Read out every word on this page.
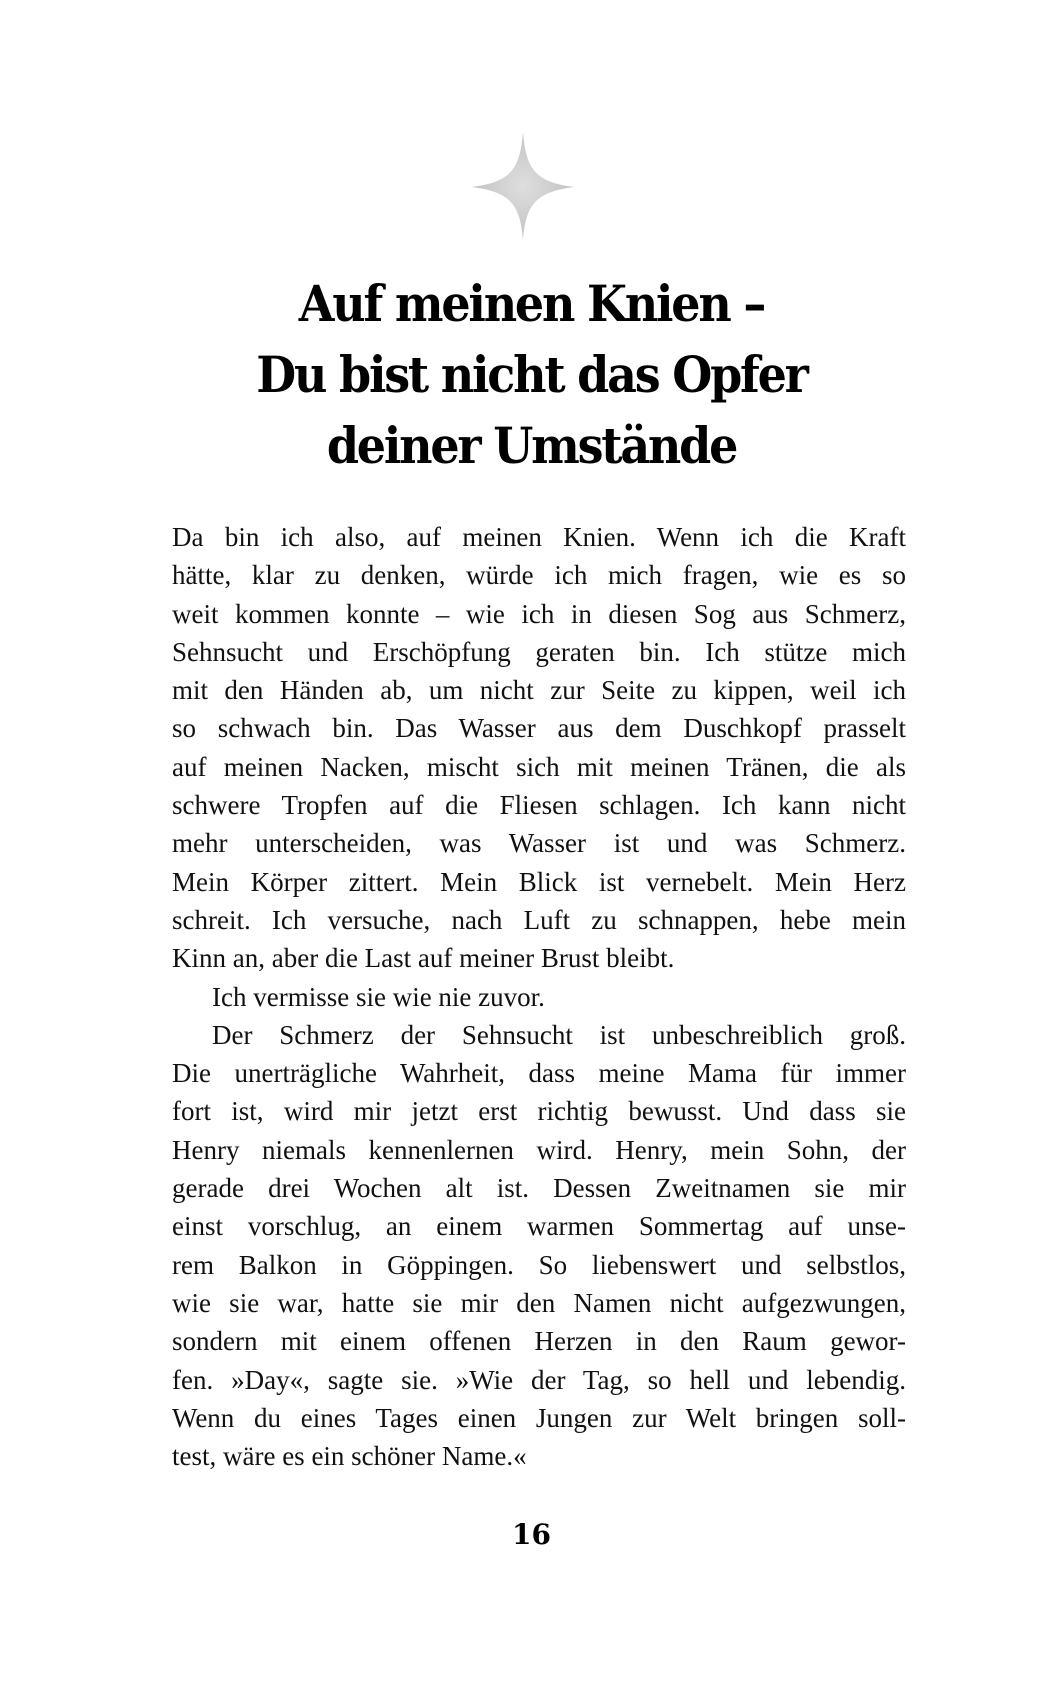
Auf meinen Knien –
Du bist nicht das Opfer
deiner Umstände
Da bin ich also, auf meinen Knien. Wenn ich die Kraft
hätte, klar zu denken, würde ich mich fragen, wie es so
weit kommen konnte – wie ich in diesen Sog aus Schmerz,
Sehnsucht und Erschöpfung geraten bin. Ich stütze mich
mit den Händen ab, um nicht zur Seite zu kippen, weil ich
so schwach bin. Das Wasser aus dem Duschkopf prasselt
auf meinen Nacken, mischt sich mit meinen Tränen, die als
schwere Tropfen auf die Fliesen schlagen. Ich kann nicht
mehr unterscheiden, was Wasser ist und was Schmerz.
Mein Körper zittert. Mein Blick ist vernebelt. Mein Herz
schreit. Ich versuche, nach Luft zu schnappen, hebe mein
Kinn an, aber die Last auf meiner Brust bleibt.
Ich vermisse sie wie nie zuvor.
Der Schmerz der Sehnsucht ist unbeschreiblich groß.
Die unerträgliche Wahrheit, dass meine Mama für immer
fort ist, wird mir jetzt erst richtig bewusst. Und dass sie
Henry niemals kennenlernen wird. Henry, mein Sohn, der
gerade drei Wochen alt ist. Dessen Zweitnamen sie mir
einst vorschlug, an einem warmen Sommertag auf unse-
rem Balkon in Göppingen. So liebenswert und selbstlos,
wie sie war, hatte sie mir den Namen nicht aufgezwungen,
sondern mit einem offenen Herzen in den Raum gewor-
fen. »Day«, sagte sie. »Wie der Tag, so hell und lebendig.
Wenn du eines Tages einen Jungen zur Welt bringen soll-
test, wäre es ein schöner Name.«
16
